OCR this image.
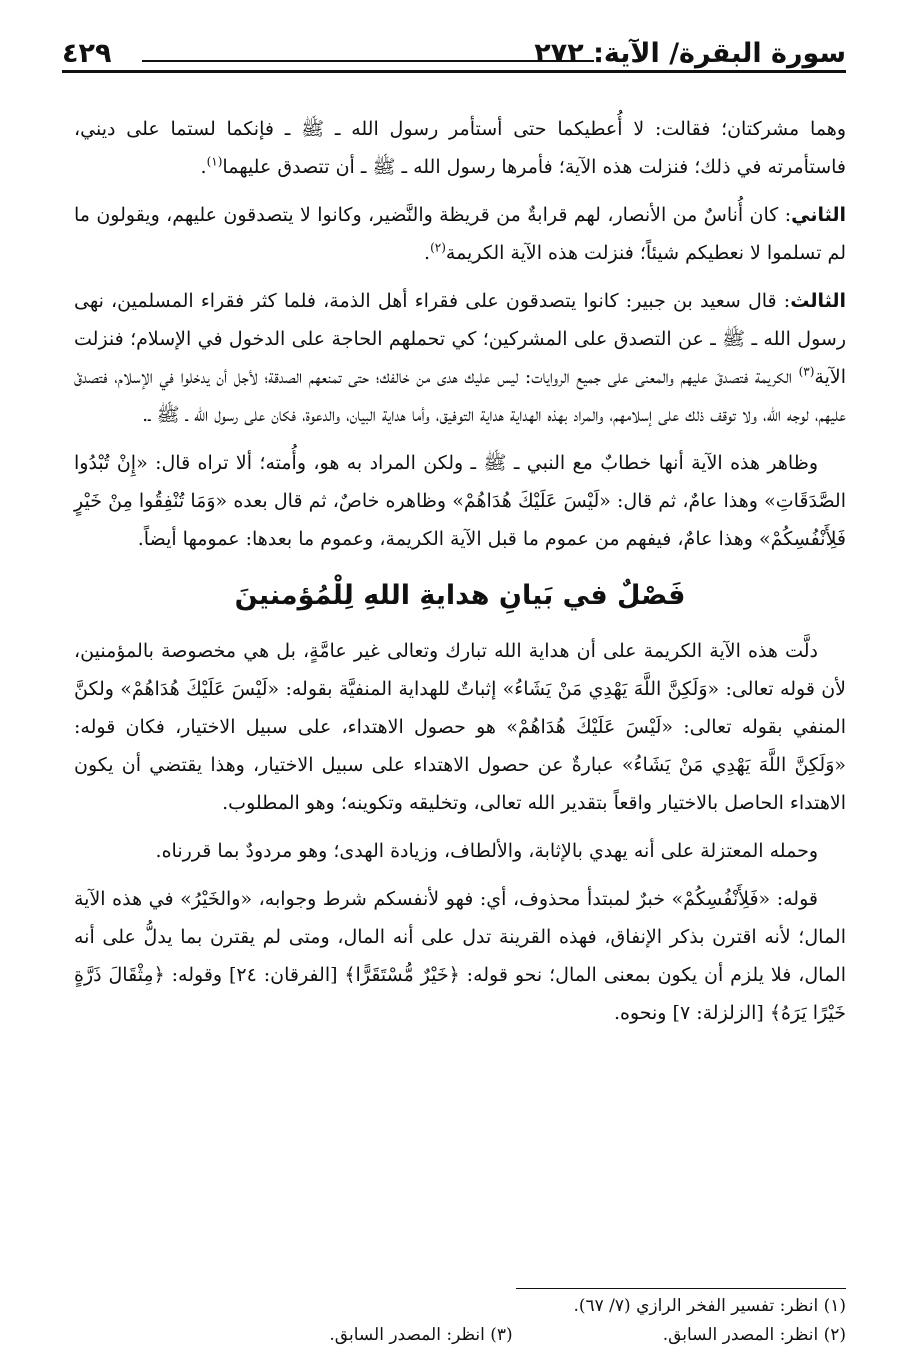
سورة البقرة/ الآية: ٢٧٢
٤٢٩

وهما مشركتان؛ فقالت: لا أُعطيكما حتى أستأمر رسول الله ـ ﷺ ـ فإنكما لستما على ديني، فاستأمرته في ذلك؛ فنزلت هذه الآية؛ فأمرها رسول الله ـ ﷺ ـ أن تتصدق عليهما$^{(١)}$.

الثاني: كان أُناسٌ من الأنصار، لهم قرابةٌ من قريظة والنَّضير، وكانوا لا يتصدقون عليهم، ويقولون ما لم تسلموا لا نعطيكم شيئاً؛ فنزلت هذه الآية الكريمة$^{(٢)}$.

الثالث: قال سعيد بن جبير: كانوا يتصدقون على فقراء أهل الذمة، فلما كثر فقراء المسلمين، نهى رسول الله ـ ﷺ ـ عن التصدق على المشركين؛ كي تحملهم الحاجة على الدخول في الإسلام؛ فنزلت الآية$^{(٣)}$ الكريمة فتصدقَ عليهم والمعنى على جميع الروايات: ليس عليك هدى من خالفك؛ حتى تمنعهم الصدقة؛ لأجل أن يدخلوا في الإسلام، فتصدقْ عليهم، لوجه الله، ولا توقف ذلك على إسلامهم، والمراد بهذه الهداية هداية التوفيق، وأما هداية البيان، والدعوة، فكان على رسول الله ـ ﷺ ـ.

وظاهر هذه الآية أنها خطابٌ مع النبي ـ ﷺ ـ ولكن المراد به هو، وأُمته؛ ألا تراه قال: «إِنْ تُبْدُوا الصَّدَقَاتِ» وهذا عامٌ، ثم قال: «لَيْسَ عَلَيْكَ هُدَاهُمْ» وظاهره خاصٌ، ثم قال بعده «وَمَا تُنْفِقُوا مِنْ خَيْرٍ فَلِأَنْفُسِكُمْ» وهذا عامٌ، فيفهم من عموم ما قبل الآية الكريمة، وعموم ما بعدها: عمومها أيضاً.

فَصْلٌ في بَيانِ هدايةِ اللهِ لِلْمُؤمنينَ

دلَّت هذه الآية الكريمة على أن هداية الله تبارك وتعالى غير عامَّةٍ، بل هي مخصوصة بالمؤمنين، لأن قوله تعالى: «وَلَكِنَّ اللَّهَ يَهْدِي مَنْ يَشَاءُ» إثباتٌ للهداية المنفيَّة بقوله: «لَيْسَ عَلَيْكَ هُدَاهُمْ» ولكنَّ المنفي بقوله تعالى: «لَيْسَ عَلَيْكَ هُدَاهُمْ» هو حصول الاهتداء، على سبيل الاختيار، فكان قوله: «وَلَكِنَّ اللَّهَ يَهْدِي مَنْ يَشَاءُ» عبارةٌ عن حصول الاهتداء على سبيل الاختيار، وهذا يقتضي أن يكون الاهتداء الحاصل بالاختيار واقعاً بتقدير الله تعالى، وتخليقه وتكوينه؛ وهو المطلوب.

وحمله المعتزلة على أنه يهدي بالإثابة، والألطاف، وزيادة الهدى؛ وهو مردودٌ بما قررناه.

قوله: «فَلِأَنْفُسِكُمْ» خبرٌ لمبتدأ محذوف، أي: فهو لأنفسكم شرط وجوابه، «والخَيْرُ» في هذه الآية المال؛ لأنه اقترن بذكر الإنفاق، فهذه القرينة تدل على أنه المال، ومتى لم يقترن بما يدلُّ على أنه المال، فلا يلزم أن يكون بمعنى المال؛ نحو قوله: ﴿خَيْرٌ مُّسْتَقَرًّا﴾ [الفرقان: ٢٤] وقوله: ﴿مِثْقَالَ ذَرَّةٍ خَيْرًا يَرَهُ﴾ [الزلزلة: ٧] ونحوه.

(١) انظر: تفسير الفخر الرازي (٧/ ٦٧).
(٢) انظر: المصدر السابق.
(٣) انظر: المصدر السابق.
